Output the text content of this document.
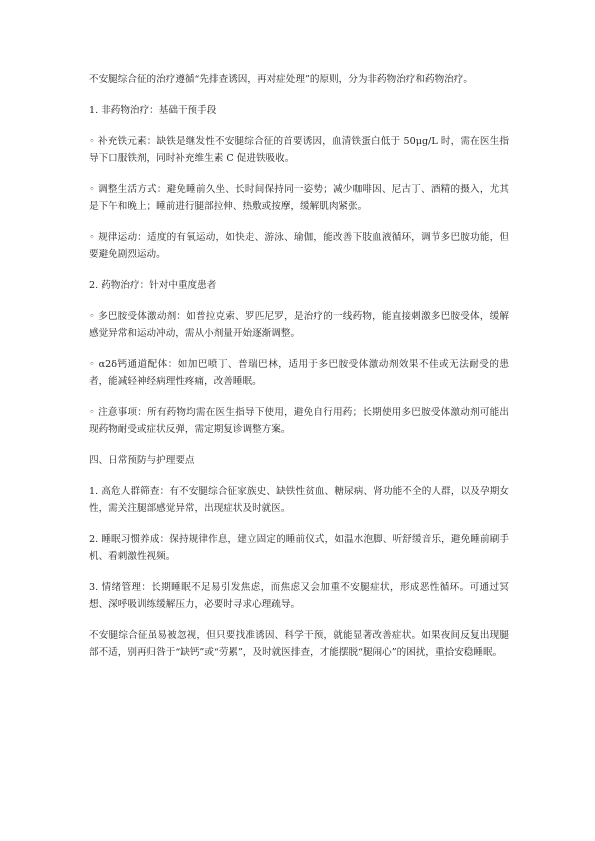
不安腿综合征的治疗遵循“先排查诱因，再对症处理”的原则，分为非药物治疗和药物治疗。

1. 非药物治疗：基础干预手段

◦ 补充铁元素：缺铁是继发性不安腿综合征的首要诱因，血清铁蛋白低于 50μg/L 时，需在医生指导下口服铁剂，同时补充维生素 C 促进铁吸收。

◦ 调整生活方式：避免睡前久坐、长时间保持同一姿势；减少咖啡因、尼古丁、酒精的摄入，尤其是下午和晚上；睡前进行腿部拉伸、热敷或按摩，缓解肌肉紧张。

◦ 规律运动：适度的有氧运动，如快走、游泳、瑜伽，能改善下肢血液循环，调节多巴胺功能，但要避免剧烈运动。

2. 药物治疗：针对中重度患者

◦ 多巴胺受体激动剂：如普拉克索、罗匹尼罗，是治疗的一线药物，能直接刺激多巴胺受体，缓解感觉异常和运动冲动，需从小剂量开始逐渐调整。

◦ α2δ钙通道配体：如加巴喷丁、普瑞巴林，适用于多巴胺受体激动剂效果不佳或无法耐受的患者，能减轻神经病理性疼痛，改善睡眠。

◦ 注意事项：所有药物均需在医生指导下使用，避免自行用药；长期使用多巴胺受体激动剂可能出现药物耐受或症状反弹，需定期复诊调整方案。

四、日常预防与护理要点

1. 高危人群筛查：有不安腿综合征家族史、缺铁性贫血、糖尿病、肾功能不全的人群，以及孕期女性，需关注腿部感觉异常，出现症状及时就医。

2. 睡眠习惯养成：保持规律作息，建立固定的睡前仪式，如温水泡脚、听舒缓音乐，避免睡前刷手机、看刺激性视频。

3. 情绪管理：长期睡眠不足易引发焦虑，而焦虑又会加重不安腿症状，形成恶性循环。可通过冥想、深呼吸训练缓解压力，必要时寻求心理疏导。

不安腿综合征虽易被忽视，但只要找准诱因、科学干预，就能显著改善症状。如果夜间反复出现腿部不适，别再归咎于“缺钙”或“劳累”，及时就医排查，才能摆脱“腿闹心”的困扰，重拾安稳睡眠。
